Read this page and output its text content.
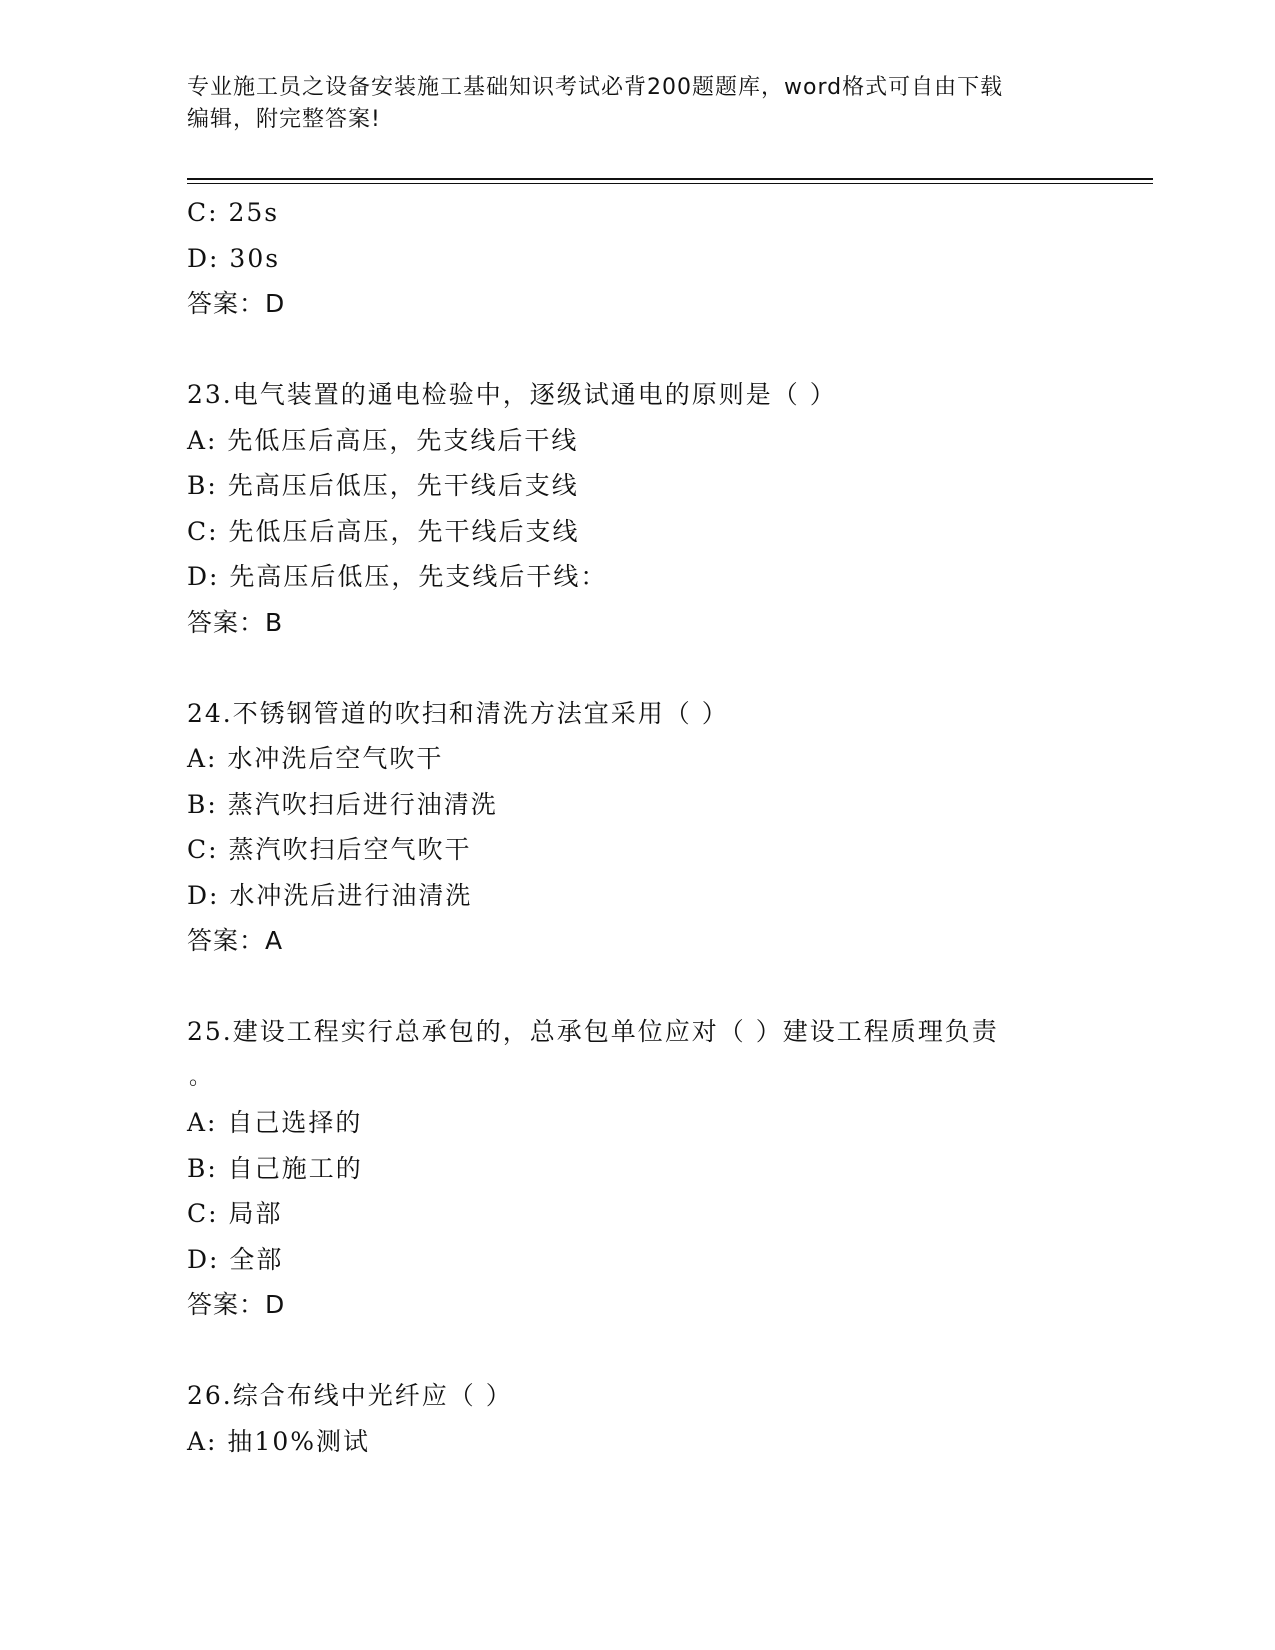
专业施工员之设备安装施工基础知识考试必背200题题库，word格式可自由下载
编辑，附完整答案!
C: 25s
D: 30s
答案：D
23.电气装置的通电检验中，逐级试通电的原则是（ ）
A: 先低压后高压，先支线后干线
B: 先高压后低压，先干线后支线
C: 先低压后高压，先干线后支线
D: 先高压后低压，先支线后干线：
答案：B
24.不锈钢管道的吹扫和清洗方法宜采用（ ）
A: 水冲洗后空气吹干
B: 蒸汽吹扫后进行油清洗
C: 蒸汽吹扫后空气吹干
D: 水冲洗后进行油清洗
答案：A
25.建设工程实行总承包的，总承包单位应对（ ）建设工程质理负责
。
A: 自己选择的
B: 自己施工的
C: 局部
D: 全部
答案：D
26.综合布线中光纤应（ ）
A: 抽10%测试
